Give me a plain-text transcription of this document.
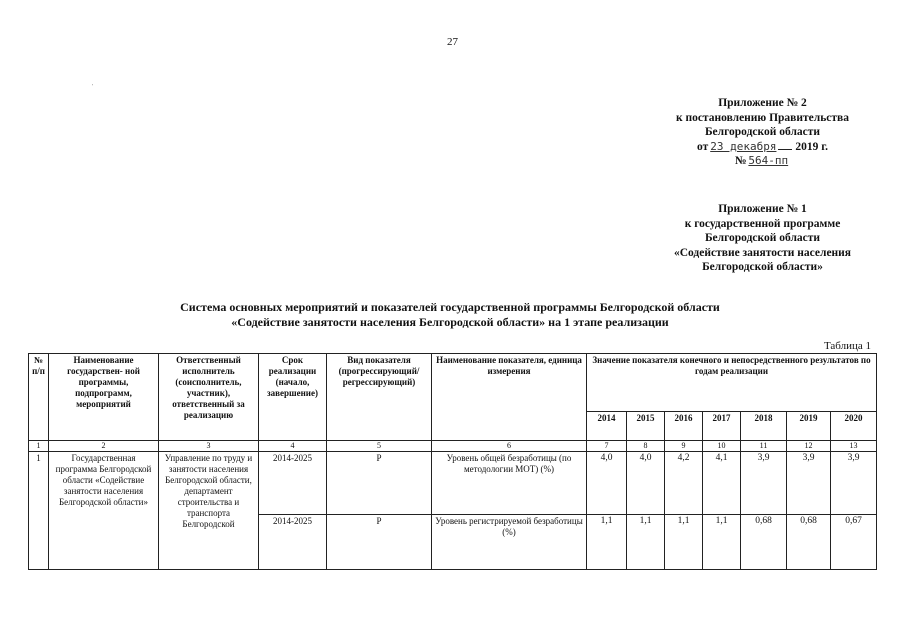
27
'
Приложение № 2
к постановлению Правительства
Белгородской области
от 23 декабря 2019 г.
№ 564-пп
Приложение № 1
к государственной программе
Белгородской области
«Содействие занятости населения
Белгородской области»
Система основных мероприятий и показателей государственной программы Белгородской области
«Содействие занятости населения Белгородской области» на 1 этапе реализации
Таблица 1
№ п/п	Наименование государствен- ной программы, подпрограмм, мероприятий	Ответственный исполнитель (соисполнитель, участник), ответственный за реализацию	Срок реализации (начало, завершение)	Вид показателя (прогрессирующий/ регрессирующий)	Наименование показателя, единица измерения	Значение показателя конечного и непосредственного результатов по годам реализации						
						2014	2015	2016	2017	2018	2019	2020
1	2	3	4	5	6	7	8	9	10	11	12	13
1	Государственная программа Белгородской области «Содействие занятости населения Белгородской области»	Управление по труду и занятости населения Белгородской области, департамент строительства и транспорта Белгородской	2014-2025	Р	Уровень общей безработицы (по методологии МОТ) (%)	4,0	4,0	4,2	4,1	3,9	3,9	3,9
			2014-2025	Р	Уровень регистрируемой безработицы (%)	1,1	1,1	1,1	1,1	0,68	0,68	0,67
